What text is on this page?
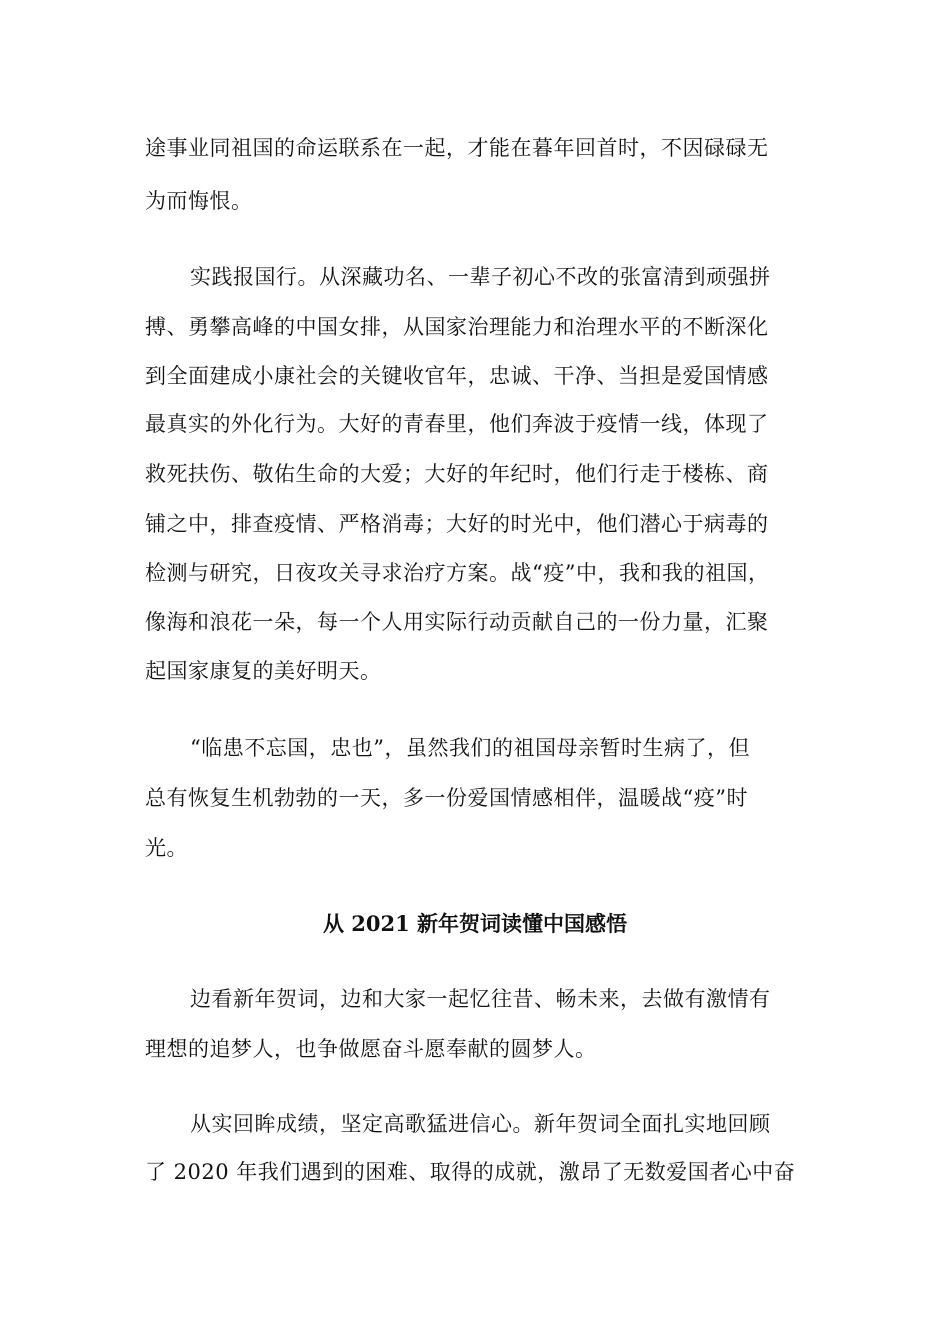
途事业同祖国的命运联系在一起，才能在暮年回首时，不因碌碌无
为而悔恨。
实践报国行。从深藏功名、一辈子初心不改的张富清到顽强拼
搏、勇攀高峰的中国女排，从国家治理能力和治理水平的不断深化
到全面建成小康社会的关键收官年，忠诚、干净、当担是爱国情感
最真实的外化行为。大好的青春里，他们奔波于疫情一线，体现了
救死扶伤、敬佑生命的大爱；大好的年纪时，他们行走于楼栋、商
铺之中，排查疫情、严格消毒；大好的时光中，他们潜心于病毒的
检测与研究，日夜攻关寻求治疗方案。战“疫”中，我和我的祖国，
像海和浪花一朵，每一个人用实际行动贡献自己的一份力量，汇聚
起国家康复的美好明天。
“临患不忘国，忠也”，虽然我们的祖国母亲暂时生病了，但
总有恢复生机勃勃的一天，多一份爱国情感相伴，温暖战“疫”时
光。
从 2021 新年贺词读懂中国感悟
边看新年贺词，边和大家一起忆往昔、畅未来，去做有激情有
理想的追梦人，也争做愿奋斗愿奉献的圆梦人。
从实回眸成绩，坚定高歌猛进信心。新年贺词全面扎实地回顾
了 2020 年我们遇到的困难、取得的成就，激昂了无数爱国者心中奋
